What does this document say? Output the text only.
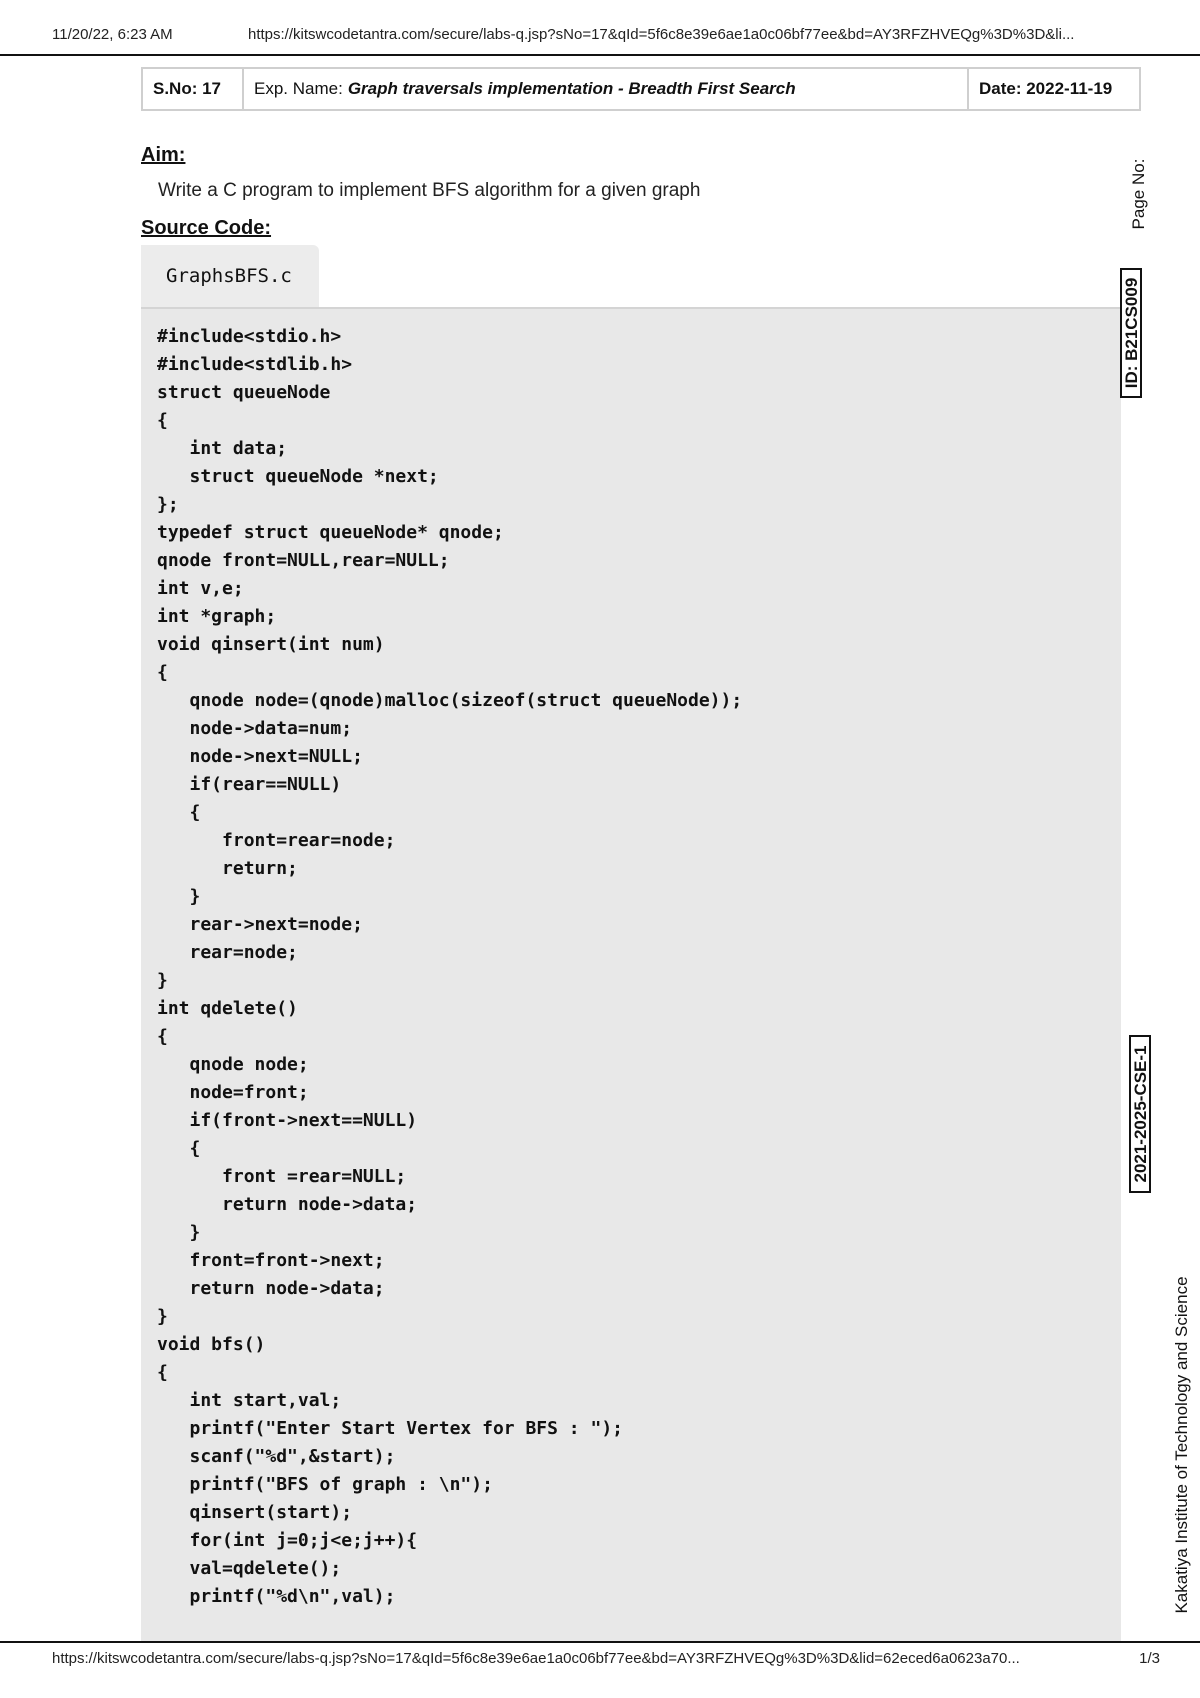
11/20/22, 6:23 AM	https://kitswcodetantra.com/secure/labs-q.jsp?sNo=17&qId=5f6c8e39e6ae1a0c06bf77ee&bd=AY3RFZHVEQg%3D%3D&li...
S.No: 17	Exp. Name: Graph traversals implementation - Breadth First Search	Date: 2022-11-19
Aim:
Write a C program to implement BFS algorithm for a given graph
Source Code:
GraphsBFS.c
#include<stdio.h>
#include<stdlib.h>
struct queueNode
{
int data;
struct queueNode *next;
};
typedef struct queueNode* qnode;
qnode front=NULL,rear=NULL;
int v,e;
int *graph;
void qinsert(int num)
{
qnode node=(qnode)malloc(sizeof(struct queueNode));
node->data=num;
node->next=NULL;
if(rear==NULL)
{
front=rear=node;
return;
}
rear->next=node;
rear=node;
}
int qdelete()
{
qnode node;
node=front;
if(front->next==NULL)
{
front =rear=NULL;
return node->data;
}
front=front->next;
return node->data;
}
void bfs()
{
int start,val;
printf("Enter Start Vertex for BFS : ");
scanf("%d",&start);
printf("BFS of graph : \n");
qinsert(start);
for(int j=0;j<e;j++){
val=qdelete();
printf("%d\n",val);
Page No:
ID: B21CS009
2021-2025-CSE-1
Kakatiya Institute of Technology and Science
https://kitswcodetantra.com/secure/labs-q.jsp?sNo=17&qId=5f6c8e39e6ae1a0c06bf77ee&bd=AY3RFZHVEQg%3D%3D&lid=62eced6a0623a70...	1/3
